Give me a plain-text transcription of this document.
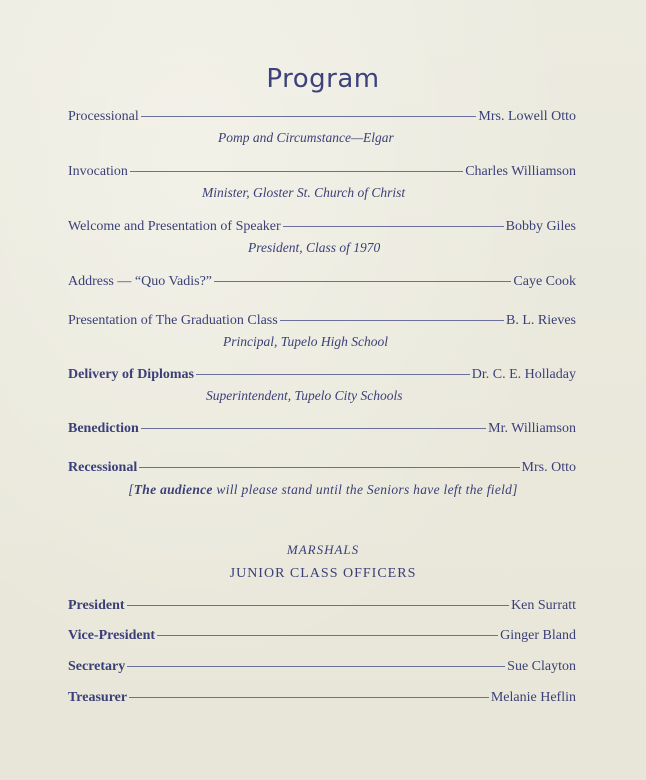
Program
Processional	Mrs. Lowell Otto
Pomp and Circumstance—Elgar
Invocation	Charles Williamson
Minister, Gloster St. Church of Christ
Welcome and Presentation of Speaker	Bobby Giles
President, Class of 1970
Address — “Quo Vadis?”	Caye Cook
Presentation of The Graduation Class	B. L. Rieves
Principal, Tupelo High School
Delivery of Diplomas	Dr. C. E. Holladay
Superintendent, Tupelo City Schools
Benediction	Mr. Williamson
Recessional	Mrs. Otto
[The audience will please stand until the Seniors have left the field]
MARSHALS
JUNIOR CLASS OFFICERS
President	Ken Surratt
Vice-President	Ginger Bland
Secretary	Sue Clayton
Treasurer	Melanie Heflin
